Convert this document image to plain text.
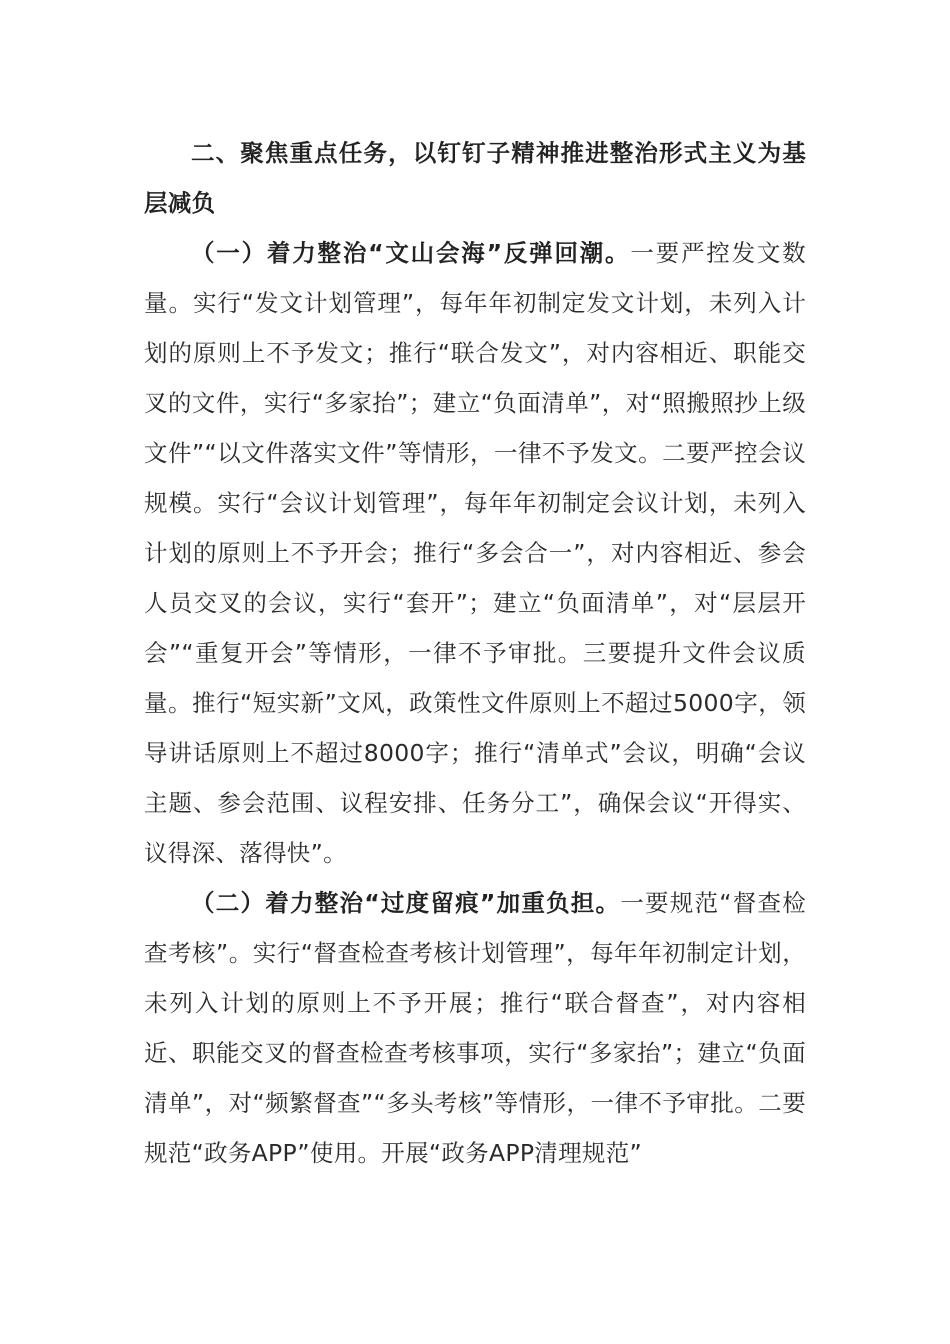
二、聚焦重点任务，以钉钉子精神推进整治形式主义为基层减负

（一）着力整治“文山会海”反弹回潮。一要严控发文数量。实行“发文计划管理”，每年年初制定发文计划，未列入计划的原则上不予发文；推行“联合发文”，对内容相近、职能交叉的文件，实行“多家抬”；建立“负面清单”，对“照搬照抄上级文件”“以文件落实文件”等情形，一律不予发文。二要严控会议规模。实行“会议计划管理”，每年年初制定会议计划，未列入计划的原则上不予开会；推行“多会合一”，对内容相近、参会人员交叉的会议，实行“套开”；建立“负面清单”，对“层层开会”“重复开会”等情形，一律不予审批。三要提升文件会议质量。推行“短实新”文风，政策性文件原则上不超过5000字，领导讲话原则上不超过8000字；推行“清单式”会议，明确“会议主题、参会范围、议程安排、任务分工”，确保会议“开得实、议得深、落得快”。

（二）着力整治“过度留痕”加重负担。一要规范“督查检查考核”。实行“督查检查考核计划管理”，每年年初制定计划，未列入计划的原则上不予开展；推行“联合督查”，对内容相近、职能交叉的督查检查考核事项，实行“多家抬”；建立“负面清单”，对“频繁督查”“多头考核”等情形，一律不予审批。二要规范“政务APP”使用。开展“政务APP清理规范”
